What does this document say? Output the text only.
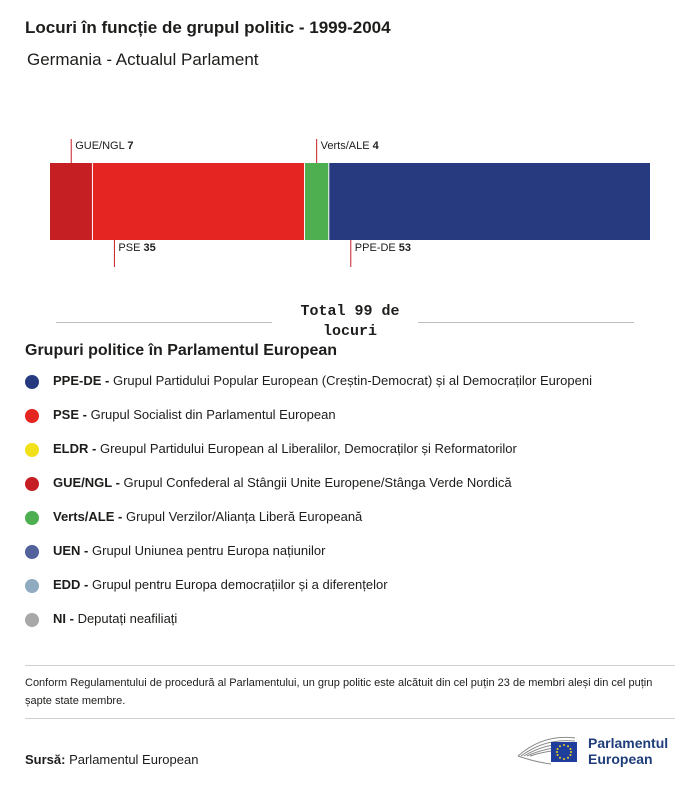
Locuri în funcție de grupul politic - 1999-2004
Germania - Actualul Parlament
GUE/NGL 7
PSE 35
Verts/ALE 4
PPE-DE 53
Total 99 de locuri
Grupuri politice în Parlamentul European
PPE-DE - Grupul Partidului Popular European (Creștin-Democrat) și al Democraților Europeni
PSE - Grupul Socialist din Parlamentul European
ELDR - Greupul Partidului European al Liberalilor, Democraților și Reformatorilor
GUE/NGL - Grupul Confederal al Stângii Unite Europene/Stânga Verde Nordică
Verts/ALE - Grupul Verzilor/Alianța Liberă Europeană
UEN - Grupul Uniunea pentru Europa națiunilor
EDD - Grupul pentru Europa democrațiilor și a diferențelor
NI - Deputați neafiliați
Conform Regulamentului de procedură al Parlamentului, un grup politic este alcătuit din cel puțin 23 de membri aleși din cel puțin șapte state membre.
Sursă: Parlamentul European
Parlamentul
European
